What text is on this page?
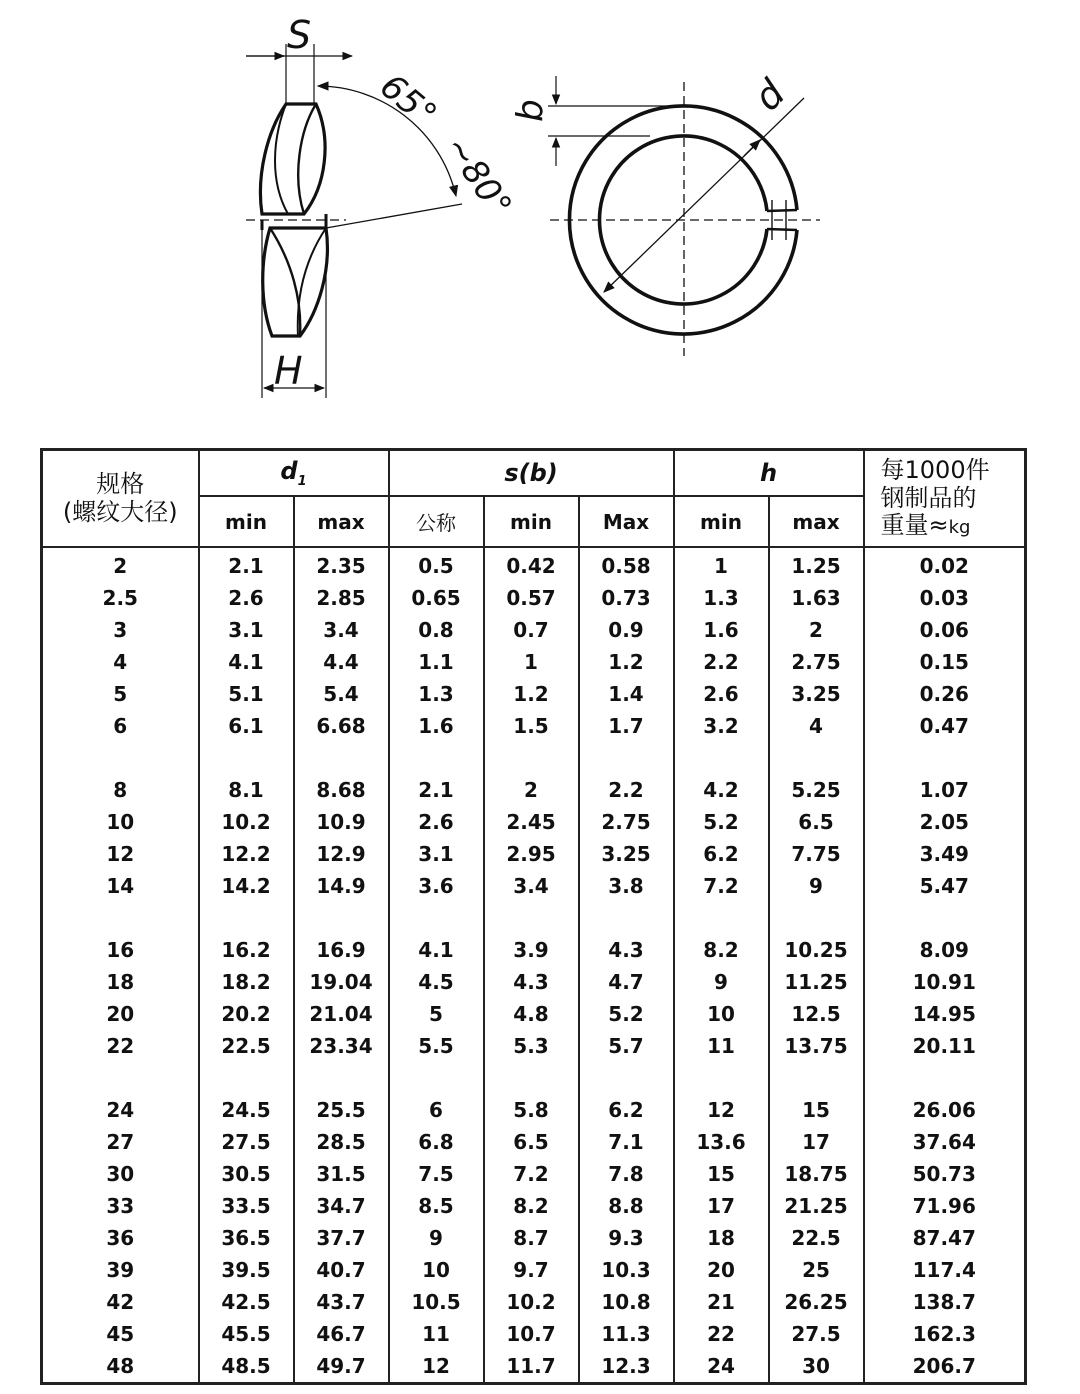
S
H
65°
~80°
b	d
规格
(螺纹大径)	$d_1$		s(b)			h		每1000件
钢制品的
重量≈kg
	min	max	公称	min	Max	min	max	
2	2.1	2.35	0.5	0.42	0.58	1	1.25	0.02
2.5	2.6	2.85	0.65	0.57	0.73	1.3	1.63	0.03
3	3.1	3.4	0.8	0.7	0.9	1.6	2	0.06
4	4.1	4.4	1.1	1	1.2	2.2	2.75	0.15
5	5.1	5.4	1.3	1.2	1.4	2.6	3.25	0.26
6	6.1	6.68	1.6	1.5	1.7	3.2	4	0.47

8	8.1	8.68	2.1	2	2.2	4.2	5.25	1.07
10	10.2	10.9	2.6	2.45	2.75	5.2	6.5	2.05
12	12.2	12.9	3.1	2.95	3.25	6.2	7.75	3.49
14	14.2	14.9	3.6	3.4	3.8	7.2	9	5.47

16	16.2	16.9	4.1	3.9	4.3	8.2	10.25	8.09
18	18.2	19.04	4.5	4.3	4.7	9	11.25	10.91
20	20.2	21.04	5	4.8	5.2	10	12.5	14.95
22	22.5	23.34	5.5	5.3	5.7	11	13.75	20.11

24	24.5	25.5	6	5.8	6.2	12	15	26.06
27	27.5	28.5	6.8	6.5	7.1	13.6	17	37.64
30	30.5	31.5	7.5	7.2	7.8	15	18.75	50.73
33	33.5	34.7	8.5	8.2	8.8	17	21.25	71.96
36	36.5	37.7	9	8.7	9.3	18	22.5	87.47
39	39.5	40.7	10	9.7	10.3	20	25	117.4
42	42.5	43.7	10.5	10.2	10.8	21	26.25	138.7
45	45.5	46.7	11	10.7	11.3	22	27.5	162.3
48	48.5	49.7	12	11.7	12.3	24	30	206.7
